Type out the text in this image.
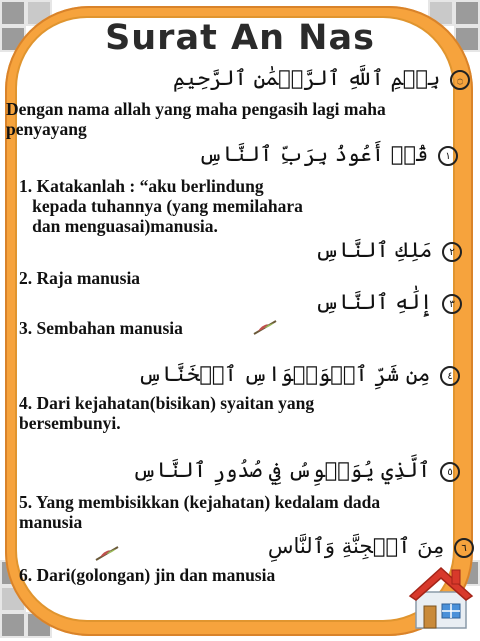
Surat An Nas
۝ بِسۡمِ ٱللَّهِ ٱلرَّحۡمَٰنِ ٱلرَّحِيمِ
Dengan nama allah yang maha pengasih lagi maha
penyayang
١ قُلۡ أَعُوذُ بِرَبِّ ٱلنَّاسِ
1. Katakanlah : “aku berlindung
kepada tuhannya (yang memilahara
dan menguasai)manusia.
٢ مَلِكِ ٱلنَّاسِ
2. Raja manusia
٣ إِلَٰهِ ٱلنَّاسِ
3. Sembahan manusia
٤ مِن شَرِّ ٱلۡوَسۡوَاسِ ٱلۡخَنَّاسِ
4. Dari kejahatan(bisikan) syaitan yang
bersembunyi.
٥ ٱلَّذِي يُوَسۡوِسُ فِي صُدُورِ ٱلنَّاسِ
5. Yang membisikkan (kejahatan) kedalam dada
manusia
٦ مِنَ ٱلۡجِنَّةِ وَٱلنَّاسِ
6. Dari(golongan) jin dan manusia
